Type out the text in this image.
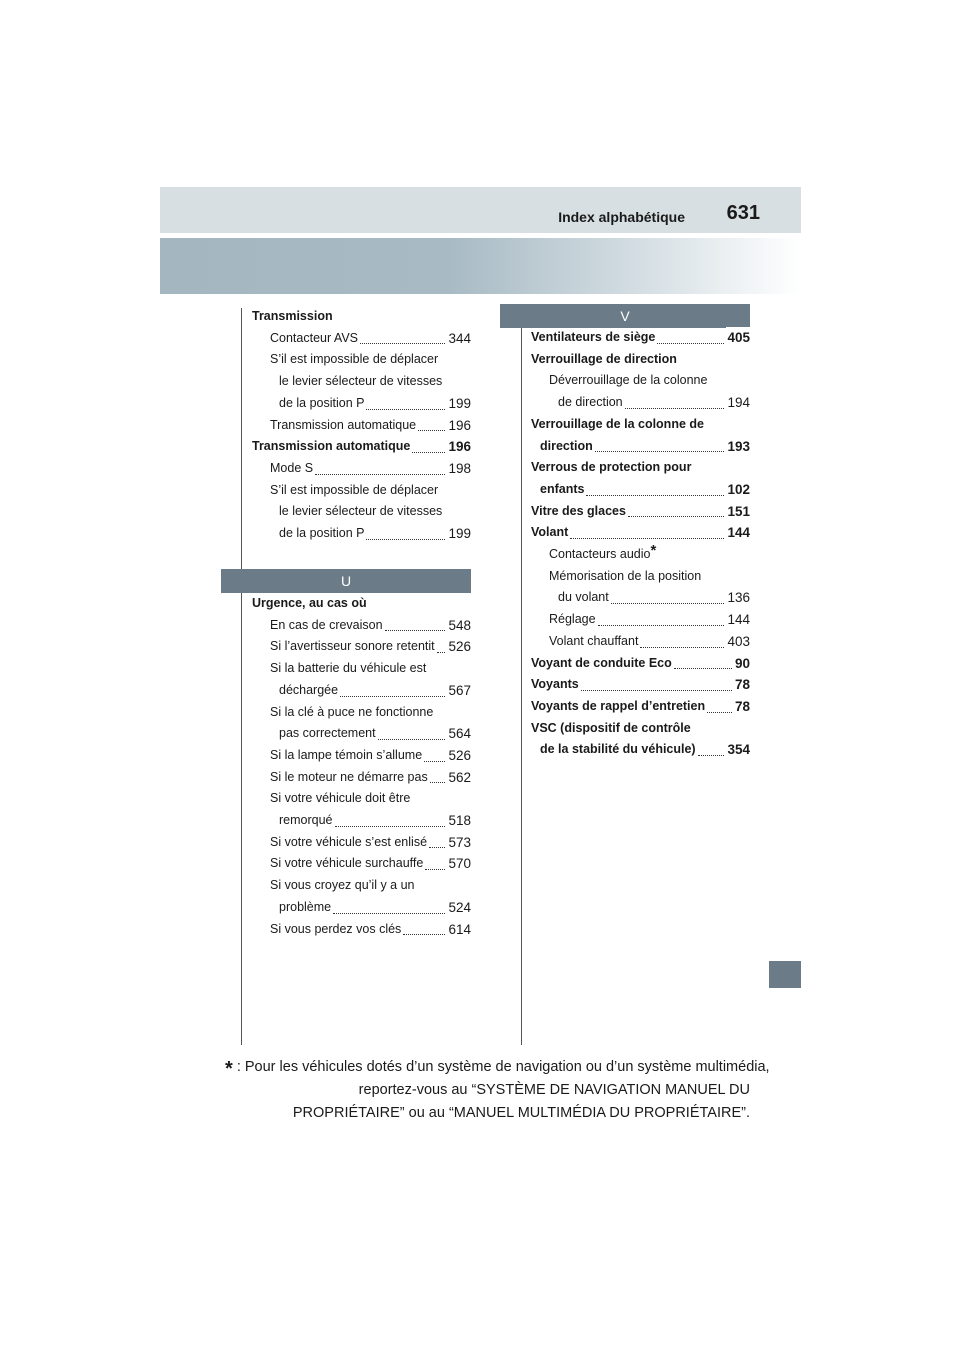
Index alphabétique 631
Transmission
Contacteur AVS	344
S’il est impossible de déplacer
le levier sélecteur de vitesses
de la position P	199
Transmission automatique 196
Transmission automatique	196
Mode S	198
S’il est impossible de déplacer
le levier sélecteur de vitesses
de la position P	199
U
Urgence, au cas où
En cas de crevaison	548
Si l’avertisseur sonore retentit 526
Si la batterie du véhicule est
déchargée	567
Si la clé à puce ne fonctionne
pas correctement	564
Si la lampe témoin s’allume 526
Si le moteur ne démarre pas 562
Si votre véhicule doit être
remorqué	518
Si votre véhicule s’est enlisé 573
Si votre véhicule surchauffe 570
Si vous croyez qu’il y a un
problème	524
Si vous perdez vos clés	614
V
Ventilateurs de siège	405
Verrouillage de direction
Déverrouillage de la colonne
de direction	194
Verrouillage de la colonne de
direction	193
Verrous de protection pour
enfants	102
Vitre des glaces	151
Volant	144
Contacteurs audio*
Mémorisation de la position
du volant	136
Réglage	144
Volant chauffant	403
Voyant de conduite Eco	90
Voyants	78
Voyants de rappel d’entretien 78
VSC (dispositif de contrôle
de la stabilité du véhicule) 354
* : Pour les véhicules dotés d’un système de navigation ou d’un système multimédia,
reportez-vous au “SYSTÈME DE NAVIGATION MANUEL DU
PROPRIÉTAIRE” ou au “MANUEL MULTIMÉDIA DU PROPRIÉTAIRE”.
